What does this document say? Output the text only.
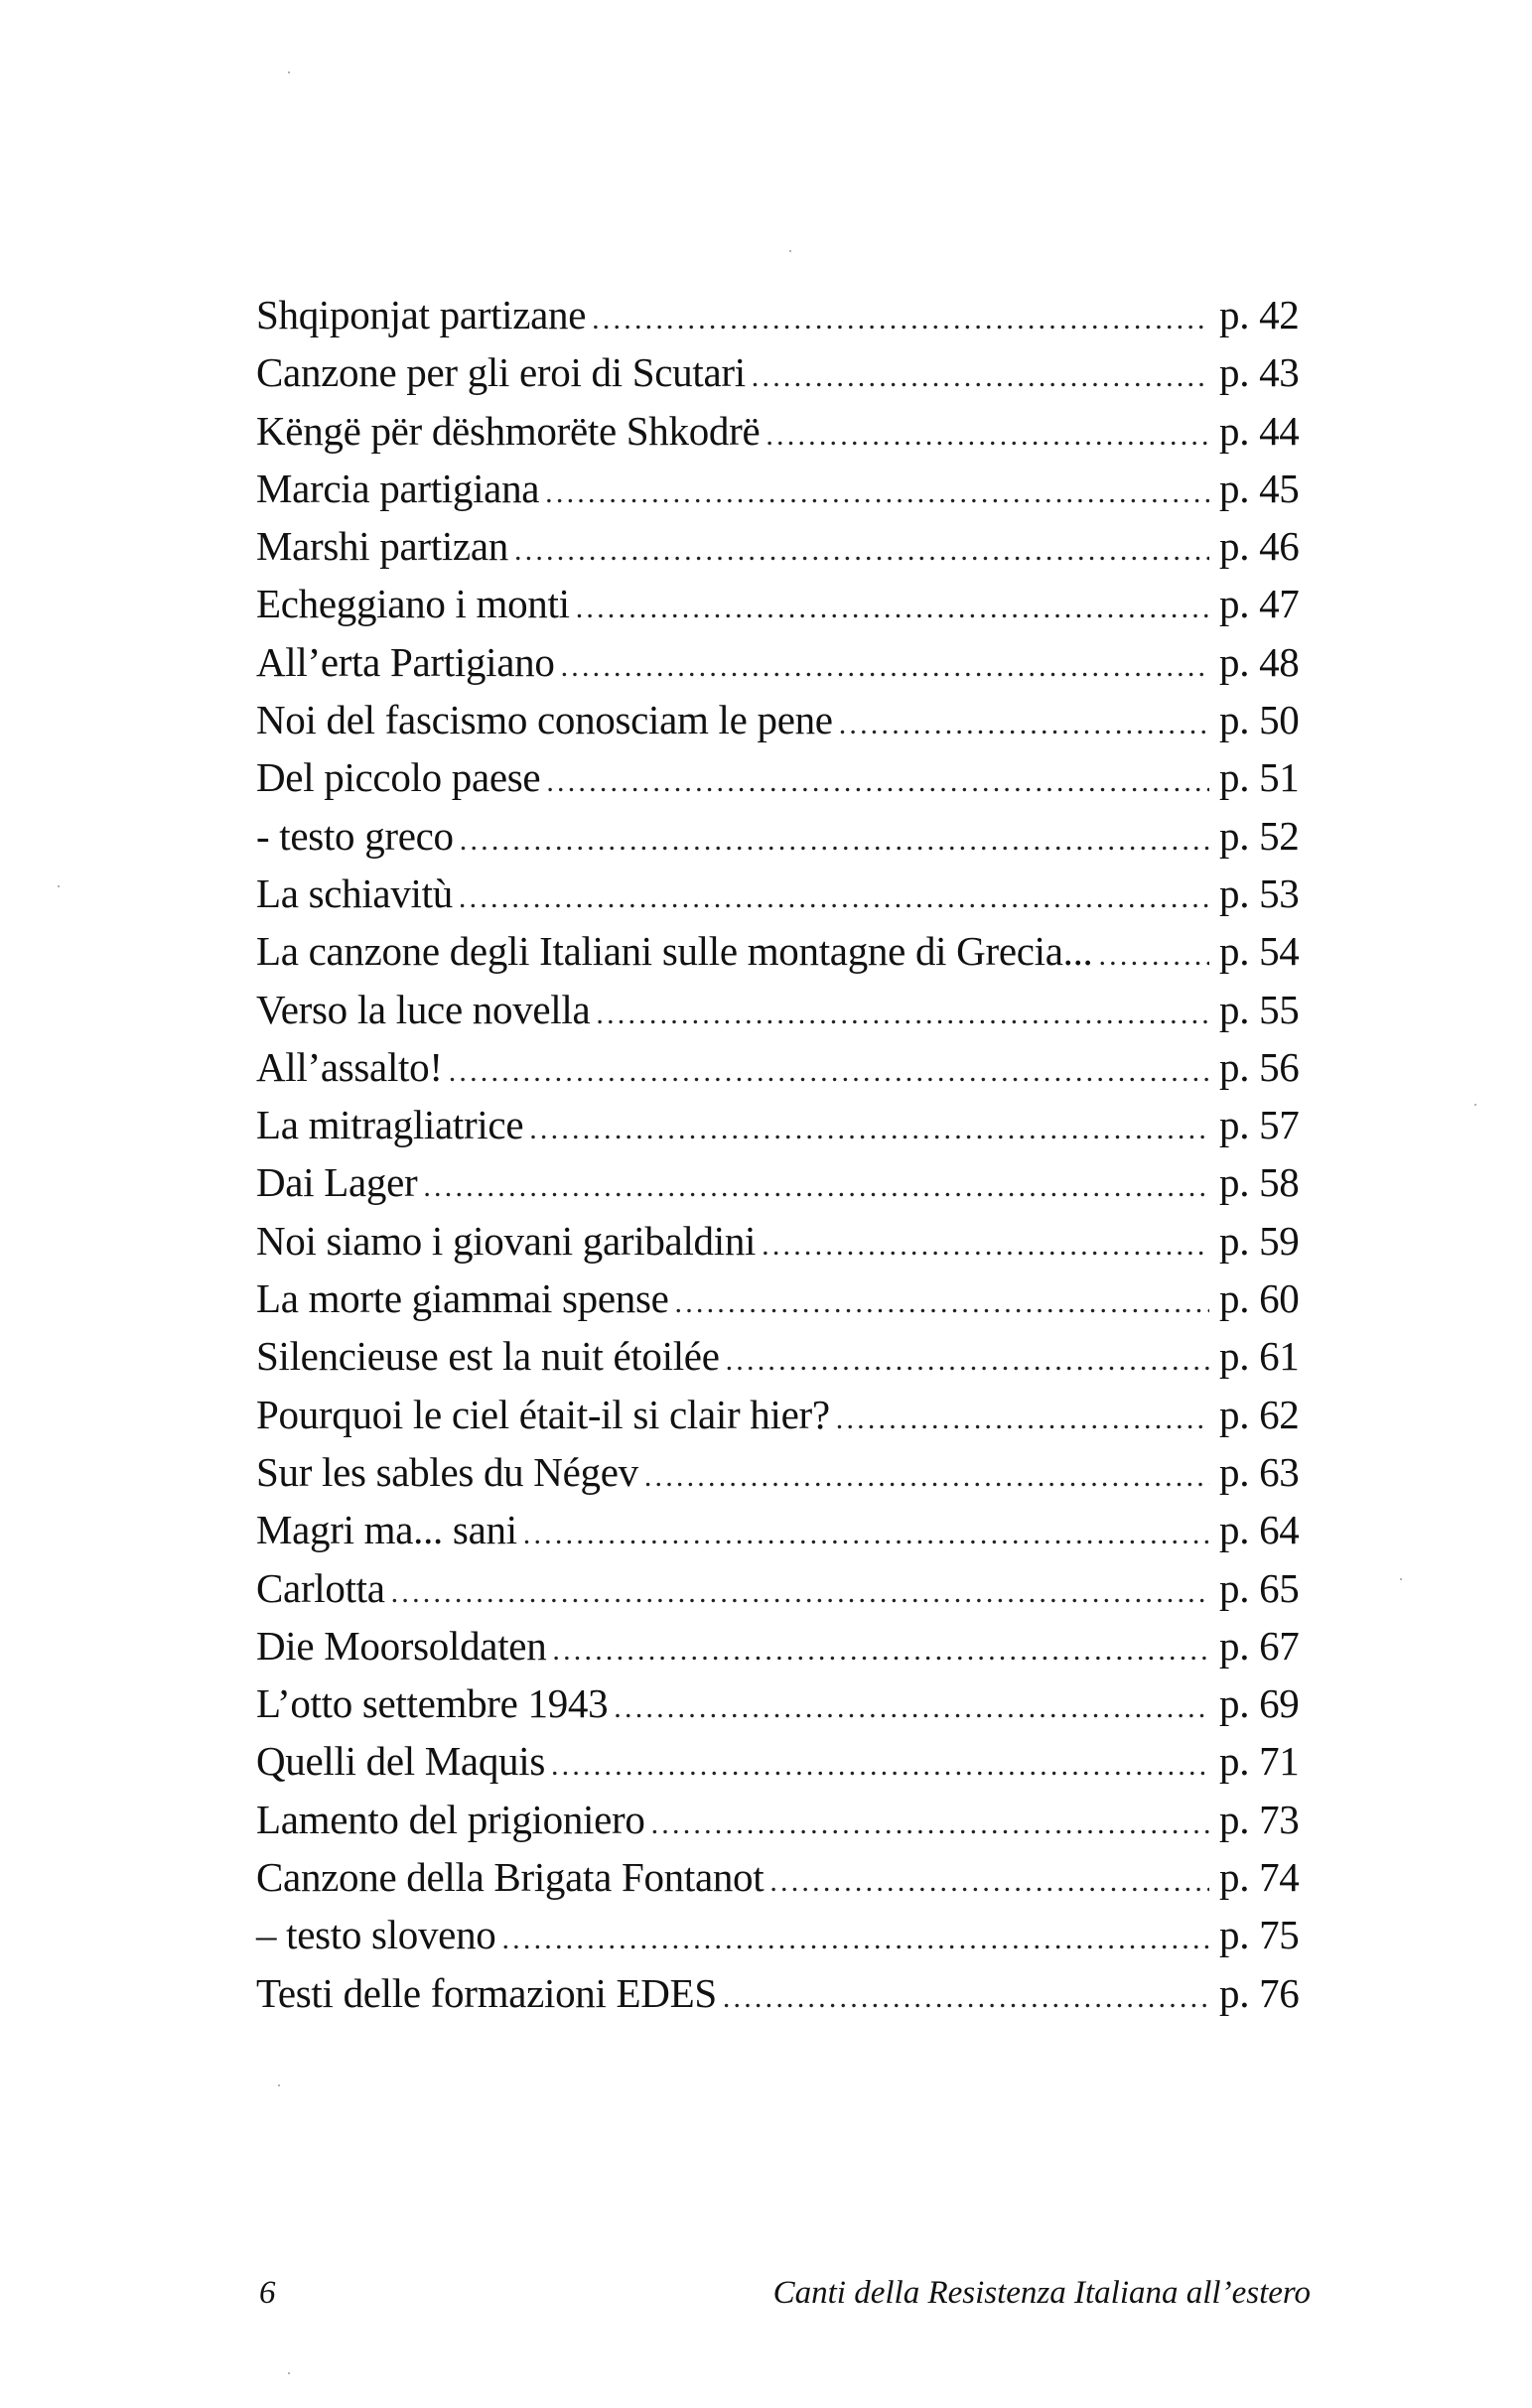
Shqiponjat partizane .....	p. 42
Canzone per gli eroi di Scutari .....	p. 43
Këngë për dëshmorëte Shkodrë .....	p. 44
Marcia partigiana .....	p. 45
Marshi partizan .....	p. 46
Echeggiano i monti .....	p. 47
All’erta Partigiano .....	p. 48
Noi del fascismo conosciam le pene .....	p. 50
Del piccolo paese .....	p. 51
- testo greco .....	p. 52
La schiavitù .....	p. 53
La canzone degli Italiani sulle montagne di Grecia... .....	p. 54
Verso la luce novella .....	p. 55
All’assalto! .....	p. 56
La mitragliatrice .....	p. 57
Dai Lager .....	p. 58
Noi siamo i giovani garibaldini .....	p. 59
La morte giammai spense .....	p. 60
Silencieuse est la nuit étoilée .....	p. 61
Pourquoi le ciel était-il si clair hier? .....	p. 62
Sur les sables du Négev .....	p. 63
Magri ma... sani .....	p. 64
Carlotta .....	p. 65
Die Moorsoldaten .....	p. 67
L’otto settembre 1943 .....	p. 69
Quelli del Maquis .....	p. 71
Lamento del prigioniero .....	p. 73
Canzone della Brigata Fontanot .....	p. 74
– testo sloveno .....	p. 75
Testi delle formazioni EDES .....	p. 76
6	Canti della Resistenza Italiana all’estero
